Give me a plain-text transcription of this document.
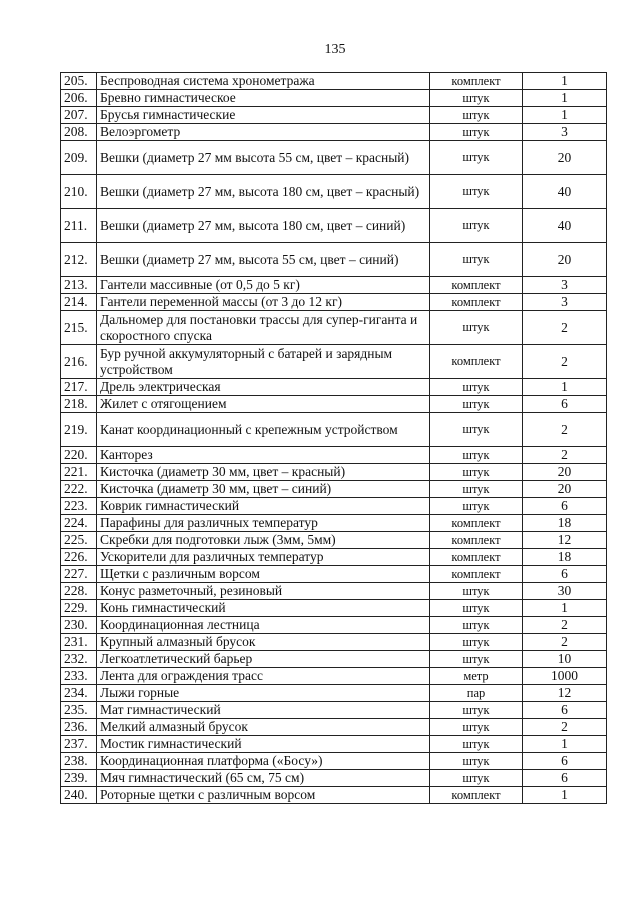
135
205.	Беспроводная система хронометража	комплект	1
206.	Бревно гимнастическое	штук	1
207.	Брусья гимнастические	штук	1
208.	Велоэргометр	штук	3
209.	Вешки (диаметр 27 мм высота 55 см, цвет – красный)	штук	20
210.	Вешки (диаметр 27 мм, высота 180 см, цвет – красный)	штук	40
211.	Вешки (диаметр 27 мм, высота 180 см, цвет – синий)	штук	40
212.	Вешки (диаметр 27 мм, высота 55 см, цвет – синий)	штук	20
213.	Гантели массивные (от 0,5 до 5 кг)	комплект	3
214.	Гантели переменной массы (от 3 до 12 кг)	комплект	3
215.	Дальномер для постановки трассы для супер-гиганта и скоростного спуска	штук	2
216.	Бур ручной аккумуляторный с батарей и зарядным устройством	комплект	2
217.	Дрель электрическая	штук	1
218.	Жилет с отягощением	штук	6
219.	Канат координационный с крепежным устройством	штук	2
220.	Канторез	штук	2
221.	Кисточка (диаметр 30 мм, цвет – красный)	штук	20
222.	Кисточка (диаметр 30 мм, цвет – синий)	штук	20
223.	Коврик гимнастический	штук	6
224.	Парафины для различных температур	комплект	18
225.	Скребки для подготовки лыж (3мм, 5мм)	комплект	12
226.	Ускорители для различных температур	комплект	18
227.	Щетки с различным ворсом	комплект	6
228.	Конус разметочный, резиновый	штук	30
229.	Конь гимнастический	штук	1
230.	Координационная лестница	штук	2
231.	Крупный алмазный брусок	штук	2
232.	Легкоатлетический барьер	штук	10
233.	Лента для ограждения трасс	метр	1000
234.	Лыжи горные	пар	12
235.	Мат гимнастический	штук	6
236.	Мелкий алмазный брусок	штук	2
237.	Мостик гимнастический	штук	1
238.	Координационная платформа («Босу»)	штук	6
239.	Мяч гимнастический (65 см, 75 см)	штук	6
240.	Роторные щетки с различным ворсом	комплект	1
